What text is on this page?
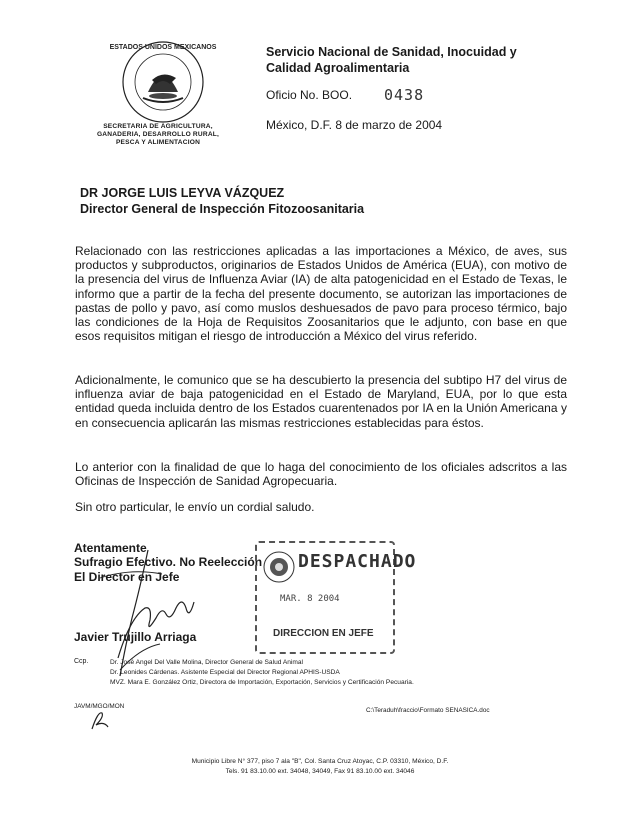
ESTADOS UNIDOS MEXICANOS
SECRETARIA DE AGRICULTURA,
GANADERIA, DESARROLLO RURAL,
PESCA Y ALIMENTACION
Servicio Nacional de Sanidad, Inocuidad y
Calidad Agroalimentaria
Oficio No. BOO. 0438
México, D.F. 8 de marzo de 2004
DR JORGE LUIS LEYVA VÁZQUEZ
Director General de Inspección Fitozoosanitaria
Relacionado con las restricciones aplicadas a las importaciones a México, de aves, sus productos y subproductos, originarios de Estados Unidos de América (EUA), con motivo de la presencia del virus de Influenza Aviar (IA) de alta patogenicidad en el Estado de Texas, le informo que a partir de la fecha del presente documento, se autorizan las importaciones de pastas de pollo y pavo, así como muslos deshuesados de pavo para proceso térmico, bajo las condiciones de la Hoja de Requisitos Zoosanitarios que le adjunto, con base en que esos requisitos mitigan el riesgo de introducción a México del virus referido.
Adicionalmente, le comunico que se ha descubierto la presencia del subtipo H7 del virus de influenza aviar de baja patogenicidad en el Estado de Maryland, EUA, por lo que esta entidad queda incluida dentro de los Estados cuarentenados por IA en la Unión Americana y en consecuencia aplicarán las mismas restricciones establecidas para éstos.
Lo anterior con la finalidad de que lo haga del conocimiento de los oficiales adscritos a las Oficinas de Inspección de Sanidad Agropecuaria.
Sin otro particular, le envío un cordial saludo.
Atentamente
Sufragio Efectivo. No Reelección
El Director en Jefe
DESPACHADO
MAR. 8 2004
DIRECCION EN JEFE
Javier Trujillo Arriaga
Ccp.	Dr. José Angel Del Valle Molina, Director General de Salud Animal
Dr. Leonides Cárdenas. Asistente Especial del Director Regional APHIS-USDA
MVZ. Mara E. González Ortiz, Directora de Importación, Exportación, Servicios y Certificación Pecuaria.
JAVM/MGO/MON
C:\Teraduh\fraccio\Formato SENASICA.doc
Municipio Libre N° 377, piso 7 ala "B", Col. Santa Cruz Atoyac, C.P. 03310, México, D.F.
Tels. 91 83.10.00 ext. 34048, 34049, Fax 91 83.10.00 ext. 34046
